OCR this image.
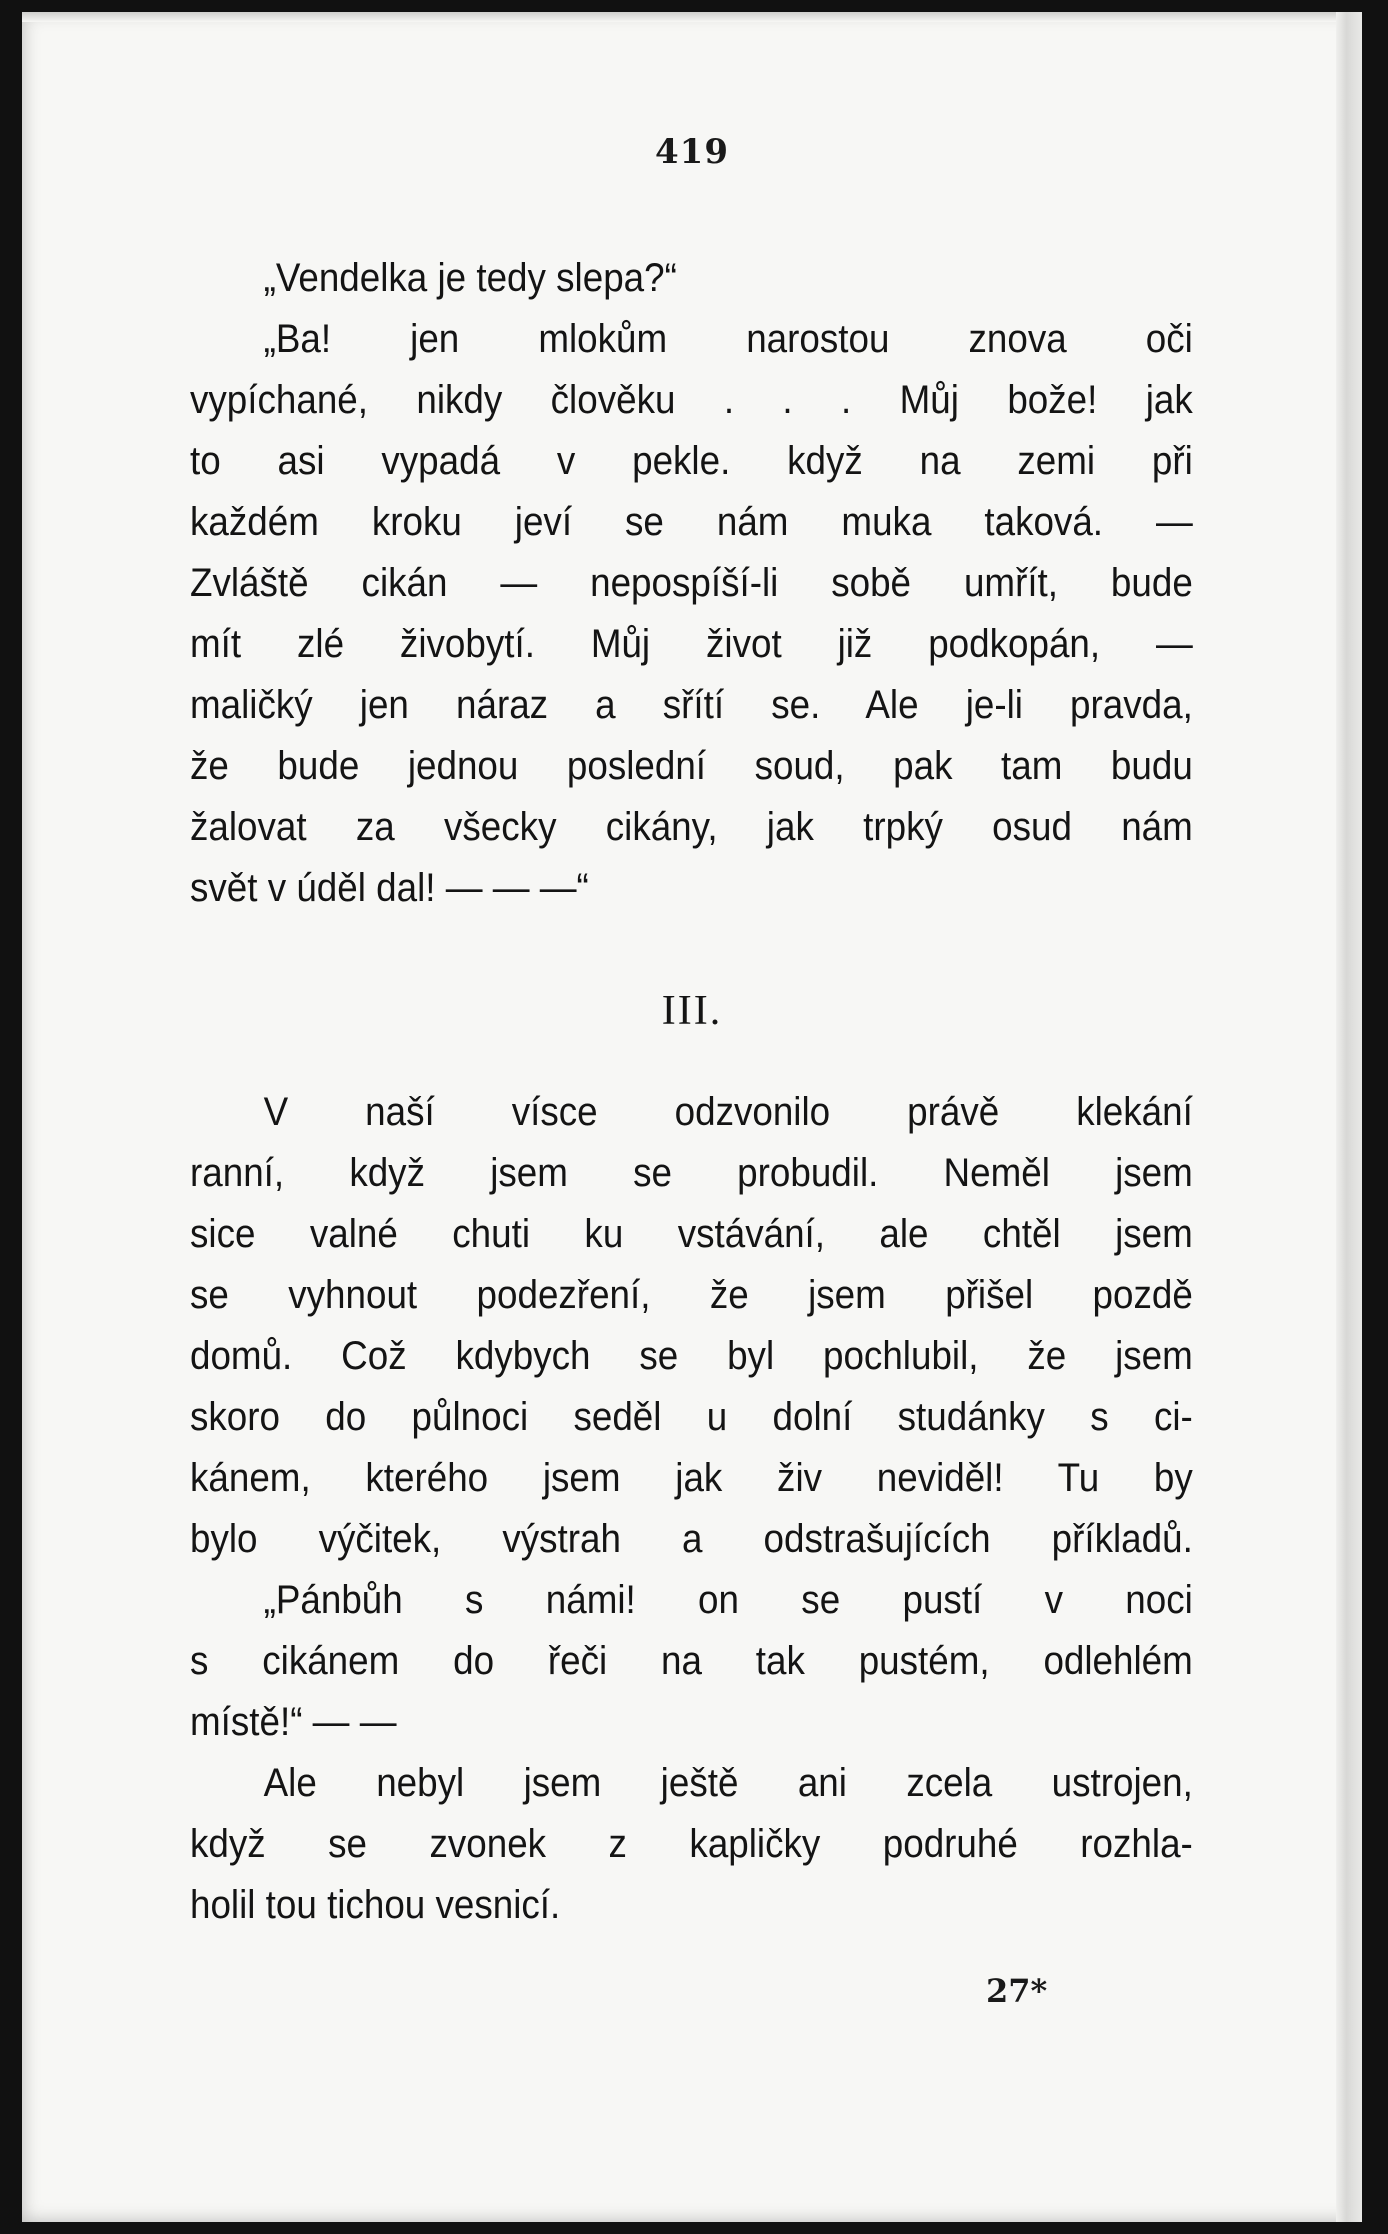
419
„Vendelka je tedy slepa?“
„Ba! jen mlokům narostou znova oči
vypíchané, nikdy člověku . . . Můj bože! jak
to asi vypadá v pekle. když na zemi při
každém kroku jeví se nám muka taková. —
Zvláště cikán — nepospíší-li sobě umřít, bude
mít zlé živobytí. Můj život již podkopán, —
maličký jen náraz a sřítí se. Ale je-li pravda,
že bude jednou poslední soud, pak tam budu
žalovat za všecky cikány, jak trpký osud nám
svět v úděl dal! — — —“
III.
V naší vísce odzvonilo právě klekání
ranní, když jsem se probudil. Neměl jsem
sice valné chuti ku vstávání, ale chtěl jsem
se vyhnout podezření, že jsem přišel pozdě
domů. Což kdybych se byl pochlubil, že jsem
skoro do půlnoci seděl u dolní studánky s ci-
kánem, kterého jsem jak živ neviděl! Tu by
bylo výčitek, výstrah a odstrašujících příkladů.
„Pánbůh s námi! on se pustí v noci
s cikánem do řeči na tak pustém, odlehlém
místě!“ — —
Ale nebyl jsem ještě ani zcela ustrojen,
když se zvonek z kapličky podruhé rozhla-
holil tou tichou vesnicí.
27*
